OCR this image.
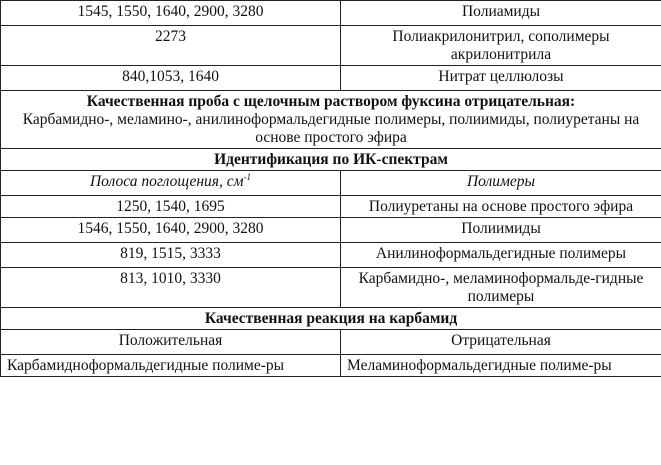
1545, 1550, 1640, 2900, 3280	Полиамиды
2273	Полиакрилонитрил, сополимеры акрилонитрила
840,1053, 1640	Нитрат целлюлозы

Качественная проба с щелочным раствором фуксина отрицательная:
Карбамидно-, меламино-, анилиноформальдегидные полимеры, полиимиды, полиуретаны на основе простого эфира	

Идентификация по ИК-спектрам	
Полоса поглощения, $см^{-1}$	Полимеры
1250, 1540, 1695	Полиуретаны на основе простого эфира
1546, 1550, 1640, 2900, 3280	Полиимиды
819, 1515, 3333	Анилиноформальдегидные полимеры
813, 1010, 3330	Карбамидно-, меламиноформальде-гидные полимеры
Качественная реакция на карбамид	
Положительная	Отрицательная
Карбамидноформальдегидные полиме-ры	Меламиноформальдегидные полиме-ры
